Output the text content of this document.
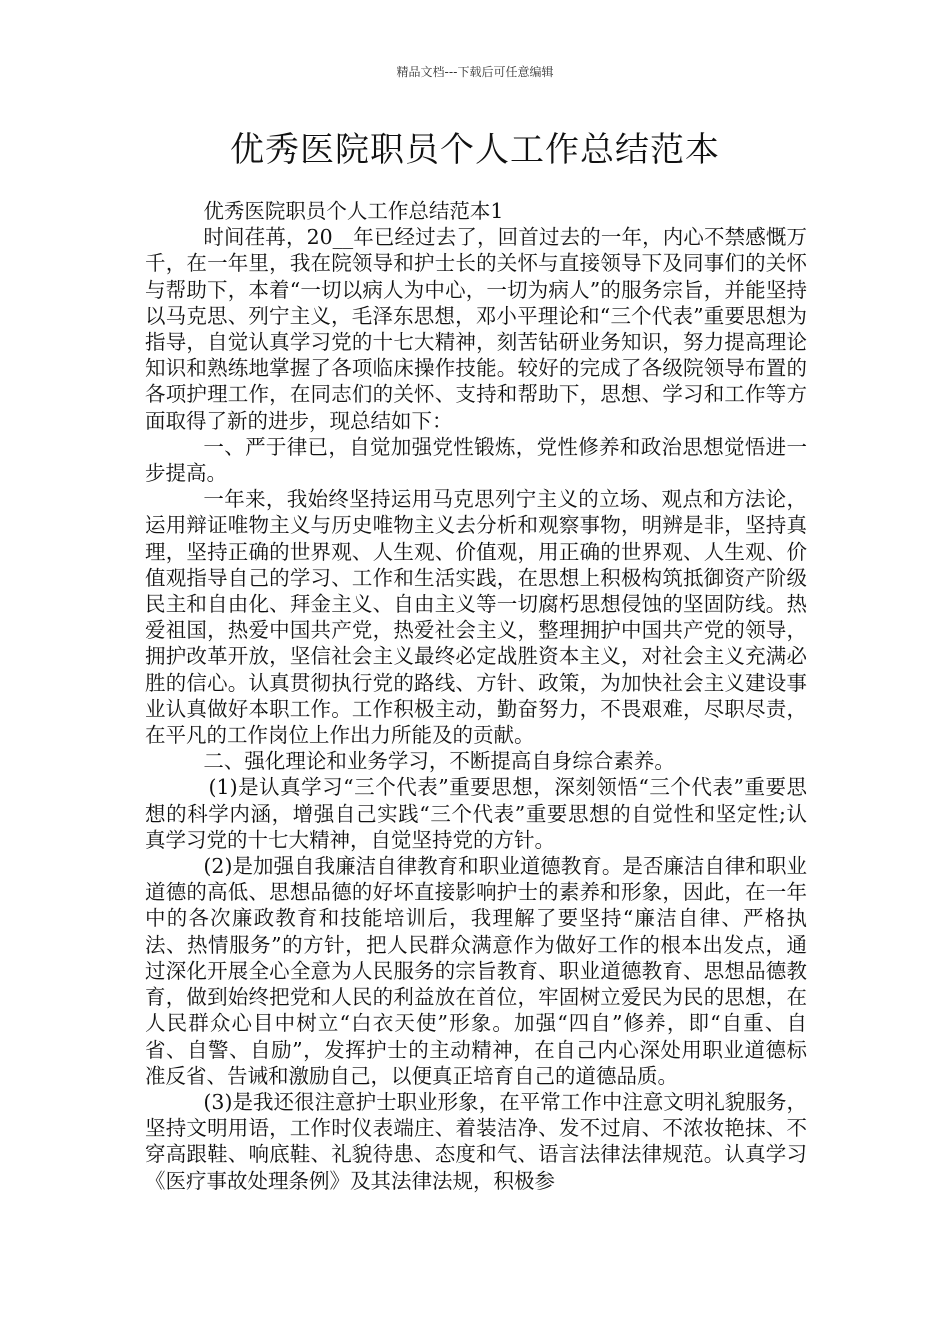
精品文档---下载后可任意编辑
优秀医院职员个人工作总结范本

优秀医院职员个人工作总结范本1

时间荏苒，20__年已经过去了，回首过去的一年，内心不禁感慨万千，在一年里，我在院领导和护士长的关怀与直接领导下及同事们的关怀与帮助下，本着“一切以病人为中心，一切为病人”的服务宗旨，并能坚持以马克思、列宁主义，毛泽东思想，邓小平理论和“三个代表”重要思想为指导，自觉认真学习党的十七大精神，刻苦钻研业务知识，努力提高理论知识和熟练地掌握了各项临床操作技能。较好的完成了各级院领导布置的各项护理工作，在同志们的关怀、支持和帮助下，思想、学习和工作等方面取得了新的进步，现总结如下：

一、严于律已，自觉加强党性锻炼，党性修养和政治思想觉悟进一步提高。

一年来，我始终坚持运用马克思列宁主义的立场、观点和方法论，运用辩证唯物主义与历史唯物主义去分析和观察事物，明辨是非，坚持真理，坚持正确的世界观、人生观、价值观，用正确的世界观、人生观、价值观指导自己的学习、工作和生活实践，在思想上积极构筑抵御资产阶级民主和自由化、拜金主义、自由主义等一切腐朽思想侵蚀的坚固防线。热爱祖国，热爱中国共产党，热爱社会主义，整理拥护中国共产党的领导，拥护改革开放，坚信社会主义最终必定战胜资本主义，对社会主义充满必胜的信心。认真贯彻执行党的路线、方针、政策，为加快社会主义建设事业认真做好本职工作。工作积极主动，勤奋努力，不畏艰难，尽职尽责，在平凡的工作岗位上作出力所能及的贡献。

二、强化理论和业务学习，不断提高自身综合素养。

(1)是认真学习“三个代表”重要思想，深刻领悟“三个代表”重要思想的科学内涵，增强自己实践“三个代表”重要思想的自觉性和坚定性;认真学习党的十七大精神，自觉坚持党的方针。

(2)是加强自我廉洁自律教育和职业道德教育。是否廉洁自律和职业道德的高低、思想品德的好坏直接影响护士的素养和形象，因此，在一年中的各次廉政教育和技能培训后，我理解了要坚持“廉洁自律、严格执法、热情服务”的方针，把人民群众满意作为做好工作的根本出发点，通过深化开展全心全意为人民服务的宗旨教育、职业道德教育、思想品德教育，做到始终把党和人民的利益放在首位，牢固树立爱民为民的思想，在人民群众心目中树立“白衣天使”形象。加强“四自”修养，即“自重、自省、自警、自励”，发挥护士的主动精神，在自己内心深处用职业道德标准反省、告诫和激励自己，以便真正培育自己的道德品质。

(3)是我还很注意护士职业形象，在平常工作中注意文明礼貌服务，坚持文明用语，工作时仪表端庄、着装洁净、发不过肩、不浓妆艳抹、不穿高跟鞋、响底鞋、礼貌待患、态度和气、语言法律法律规范。认真学习《医疗事故处理条例》及其法律法规，积极参
